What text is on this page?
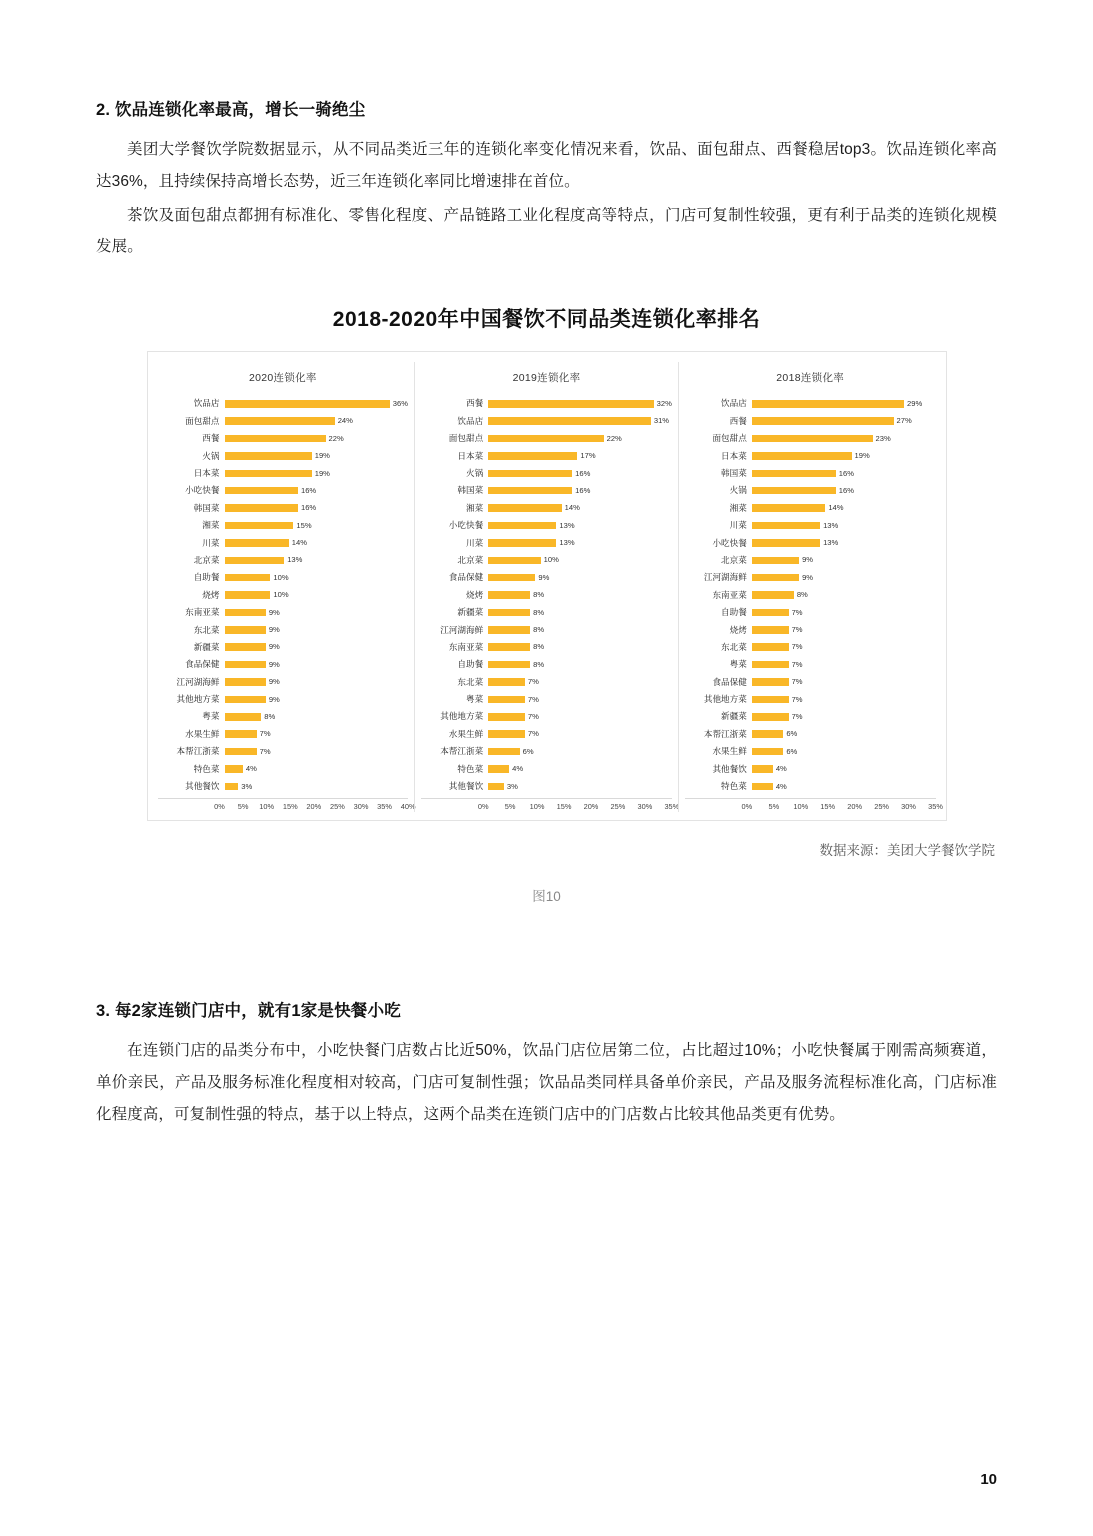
2. 饮品连锁化率最高，增长一骑绝尘

美团大学餐饮学院数据显示，从不同品类近三年的连锁化率变化情况来看，饮品、面包甜点、西餐稳居top3。饮品连锁化率高达36%，且持续保持高增长态势，近三年连锁化率同比增速排在首位。

茶饮及面包甜点都拥有标准化、零售化程度、产品链路工业化程度高等特点，门店可复制性较强，更有利于品类的连锁化规模发展。

2018-2020年中国餐饮不同品类连锁化率排名
2020连锁化率
饮品店	36%
面包甜点	24%
西餐	22%
火锅	19%
日本菜	19%
小吃快餐	16%
韩国菜	16%
湘菜	15%
川菜	14%
北京菜	13%
自助餐	10%
烧烤	10%
东南亚菜	9%
东北菜	9%
新疆菜	9%
食品保健	9%
江河湖海鲜	9%
其他地方菜	9%
粤菜	8%
水果生鲜	7%
本帮江浙菜	7%
特色菜	4%
其他餐饮	3%
0% 5% 10% 15% 20% 25% 30% 35% 40%
2019连锁化率
西餐	32%
饮品店	31%
面包甜点	22%
日本菜	17%
火锅	16%
韩国菜	16%
湘菜	14%
小吃快餐	13%
川菜	13%
北京菜	10%
食品保健	9%
烧烤	8%
新疆菜	8%
江河湖海鲜	8%
东南亚菜	8%
自助餐	8%
东北菜	7%
粤菜	7%
其他地方菜	7%
水果生鲜	7%
本帮江浙菜	6%
特色菜	4%
其他餐饮	3%
0% 5% 10% 15% 20% 25% 30% 35%
2018连锁化率
饮品店	29%
西餐	27%
面包甜点	23%
日本菜	19%
韩国菜	16%
火锅	16%
湘菜	14%
川菜	13%
小吃快餐	13%
北京菜	9%
江河湖海鲜	9%
东南亚菜	8%
自助餐	7%
烧烤	7%
东北菜	7%
粤菜	7%
食品保健	7%
其他地方菜	7%
新疆菜	7%
本帮江浙菜	6%
水果生鲜	6%
其他餐饮	4%
特色菜	4%
0% 5% 10% 15% 20% 25% 30% 35%
数据来源：美团大学餐饮学院
图10
3. 每2家连锁门店中，就有1家是快餐小吃

在连锁门店的品类分布中，小吃快餐门店数占比近50%，饮品门店位居第二位，占比超过10%；小吃快餐属于刚需高频赛道，单价亲民，产品及服务标准化程度相对较高，门店可复制性强；饮品品类同样具备单价亲民，产品及服务流程标准化高，门店标准化程度高，可复制性强的特点，基于以上特点，这两个品类在连锁门店中的门店数占比较其他品类更有优势。

10
